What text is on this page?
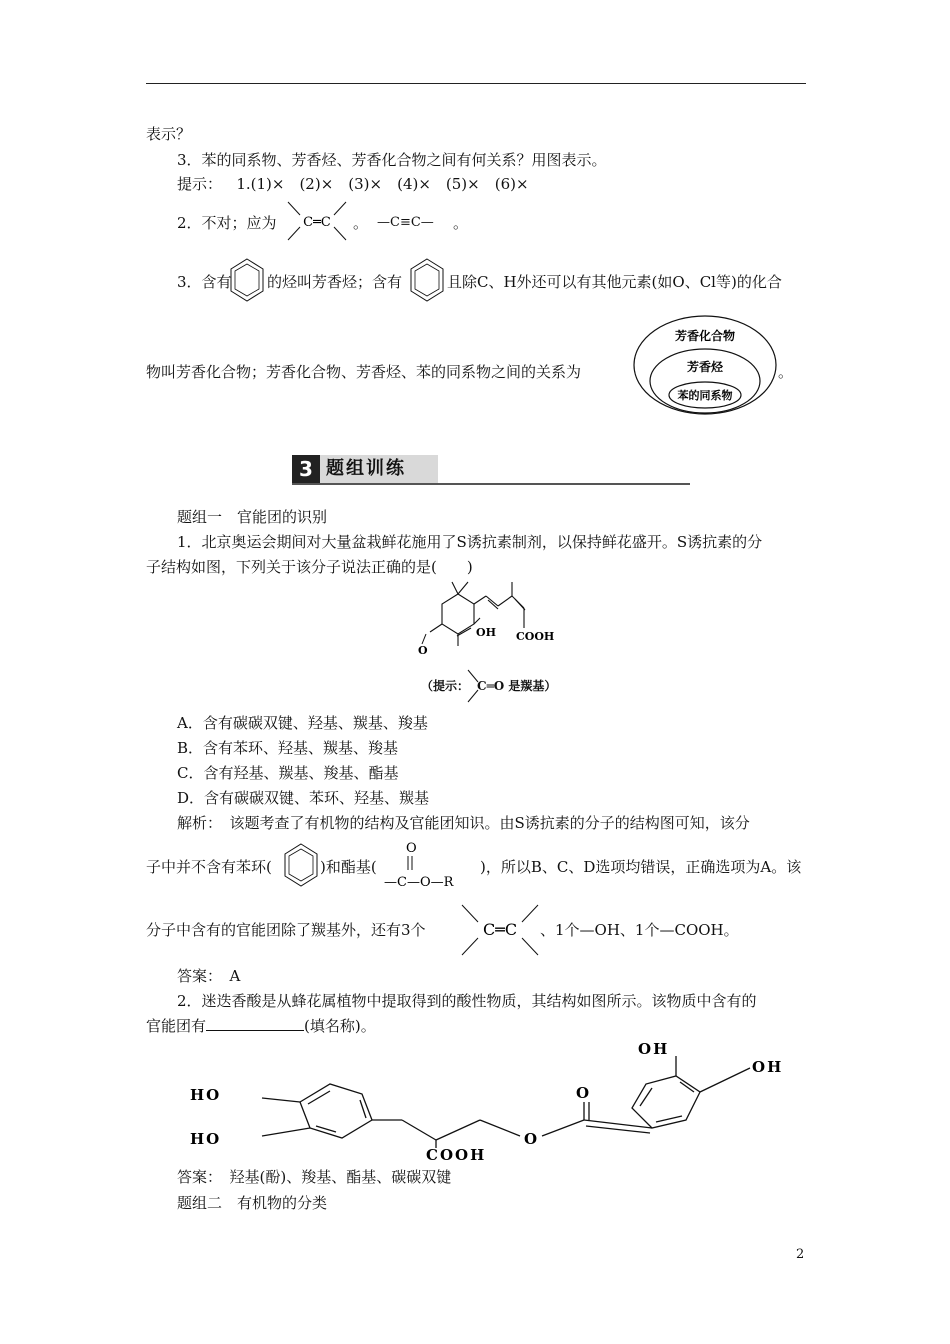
表示？
3．苯的同系物、芳香烃、芳香化合物之间有何关系？用图表示。
提示： 1.(1)×　(2)×　(3)×　(4)×　(5)×　(6)×
2．不对；应为 C═C 。 —C≡C— 。
3．含有 的烃叫芳香烃；含有	且除C、H外还可以有其他元素(如O、Cl等)的化合
物叫芳香化合物；芳香化合物、芳香烃、苯的同系物之间的关系为
芳香化合物
芳香烃
苯的同系物
。
3 题组训练
题组一　官能团的识别
1．北京奥运会期间对大量盆栽鲜花施用了S诱抗素制剂，以保持鲜花盛开。S诱抗素的分
子结构如图，下列关于该分子说法正确的是(　　)
OH COOH
O
（提示： C═O 是羰基）
A．含有碳碳双键、羟基、羰基、羧基
B．含有苯环、羟基、羰基、羧基
C．含有羟基、羰基、羧基、酯基
D．含有碳碳双键、苯环、羟基、羰基
解析：　该题考查了有机物的结构及官能团知识。由S诱抗素的分子的结构图可知，该分
子中并不含有苯环(	)和酯基(
O
—C—O—R
)，所以B、C、D选项均错误，正确选项为A。该
分子中含有的官能团除了羰基外，还有3个	C═C 、1个—OH、1个—COOH。
答案：　A
2．迷迭香酸是从蜂花属植物中提取得到的酸性物质，其结构如图所示。该物质中含有的
官能团有	(填名称)。
HO
HO
COOH
O
O
OH
OH
答案：　羟基(酚)、羧基、酯基、碳碳双键
题组二　有机物的分类
2
